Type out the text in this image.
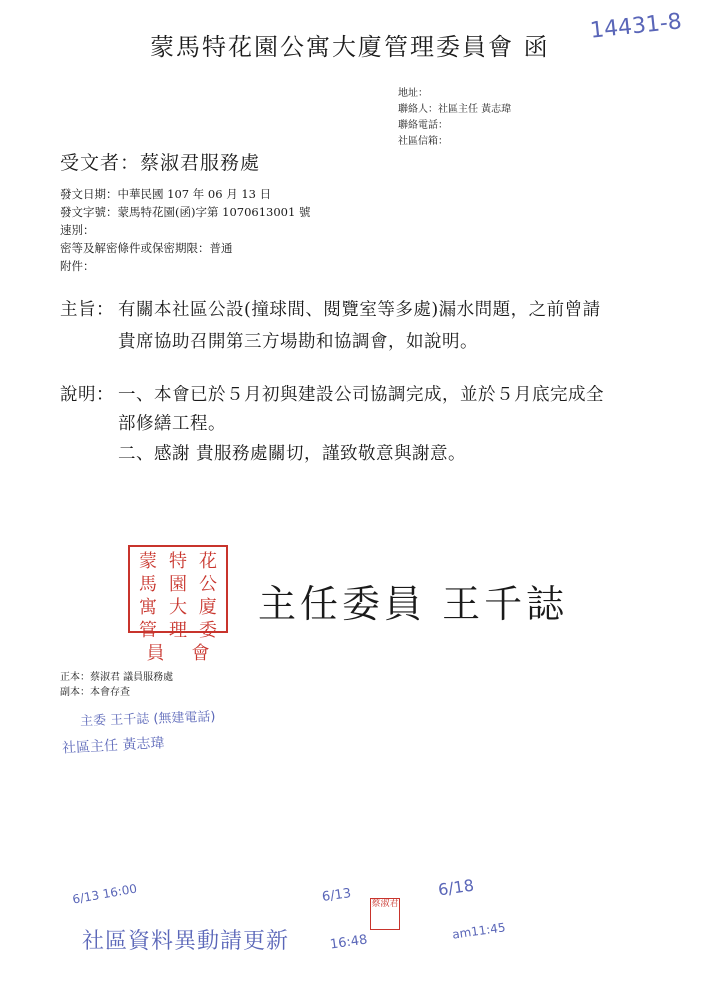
蒙馬特花園公寓大廈管理委員會 函
14431-8
地址：
聯絡人：社區主任 黃志瑋
聯絡電話：
社區信箱：
受文者：蔡淑君服務處
發文日期：中華民國 107 年 06 月 13 日
發文字號：蒙馬特花園(函)字第 1070613001 號
速別：
密等及解密條件或保密期限：普通
附件：
主旨： 有關本社區公設(撞球間、閱覽室等多處)漏水問題，之前曾請
貴席協助召開第三方場勘和協調會，如說明。
說明： 一、本會已於５月初與建設公司協調完成，並於５月底完成全
部修繕工程。
二、感謝 貴服務處關切，謹致敬意與謝意。
蒙 特 花
馬 園 公
寓 大 廈
管 理 委
員 會
主任委員 王千誌
正本：蔡淑君 議員服務處
副本：本會存查
主委 王千誌 (無建電話)
社區主任 黃志瑋
6/13 16:00
社區資料異動請更新
6/13
16:48
蔡淑君
6/18
am11:45
